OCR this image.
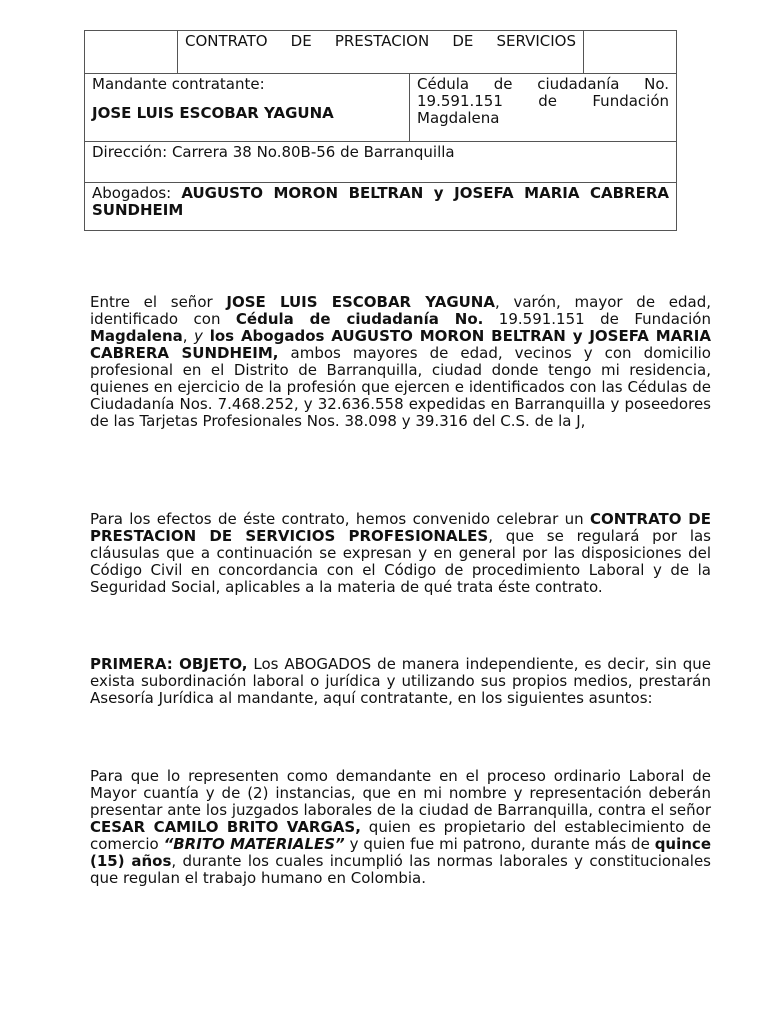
	CONTRATO DE PRESTACION DE SERVICIOS		

Mandante contratante:
JOSE LUIS ESCOBAR YAGUNA		Cédula de ciudadanía No. 19.591.151 de Fundación Magdalena	

Dirección: Carrera 38 No.80B-56 de Barranquilla			

Abogados: AUGUSTO MORON BELTRAN y JOSEFA MARIA CABRERA SUNDHEIM			

Entre el señor JOSE LUIS ESCOBAR YAGUNA, varón, mayor de edad, identificado con Cédula de ciudadanía No. 19.591.151 de Fundación Magdalena, y los Abogados AUGUSTO MORON BELTRAN y JOSEFA MARIA CABRERA SUNDHEIM, ambos mayores de edad, vecinos y con domicilio profesional en el Distrito de Barranquilla, ciudad donde tengo mi residencia, quienes en ejercicio de la profesión que ejercen e identificados con las Cédulas de Ciudadanía Nos. 7.468.252, y 32.636.558 expedidas en Barranquilla y poseedores de las Tarjetas Profesionales Nos. 38.098 y 39.316 del C.S. de la J,

Para los efectos de éste contrato, hemos convenido celebrar un CONTRATO DE PRESTACION DE SERVICIOS PROFESIONALES, que se regulará por las cláusulas que a continuación se expresan y en general por las disposiciones del Código Civil en concordancia con el Código de procedimiento Laboral y de la Seguridad Social, aplicables a la materia de qué trata éste contrato.

PRIMERA: OBJETO, Los ABOGADOS de manera independiente, es decir, sin que exista subordinación laboral o jurídica y utilizando sus propios medios, prestarán Asesoría Jurídica al mandante, aquí contratante, en los siguientes asuntos:

Para que lo representen como demandante en el proceso ordinario Laboral de Mayor cuantía y de (2) instancias, que en mi nombre y representación deberán presentar ante los juzgados laborales de la ciudad de Barranquilla, contra el señor CESAR CAMILO BRITO VARGAS, quien es propietario del establecimiento de comercio “BRITO MATERIALES” y quien fue mi patrono, durante más de quince (15) años, durante los cuales incumplió las normas laborales y constitucionales que regulan el trabajo humano en Colombia.
